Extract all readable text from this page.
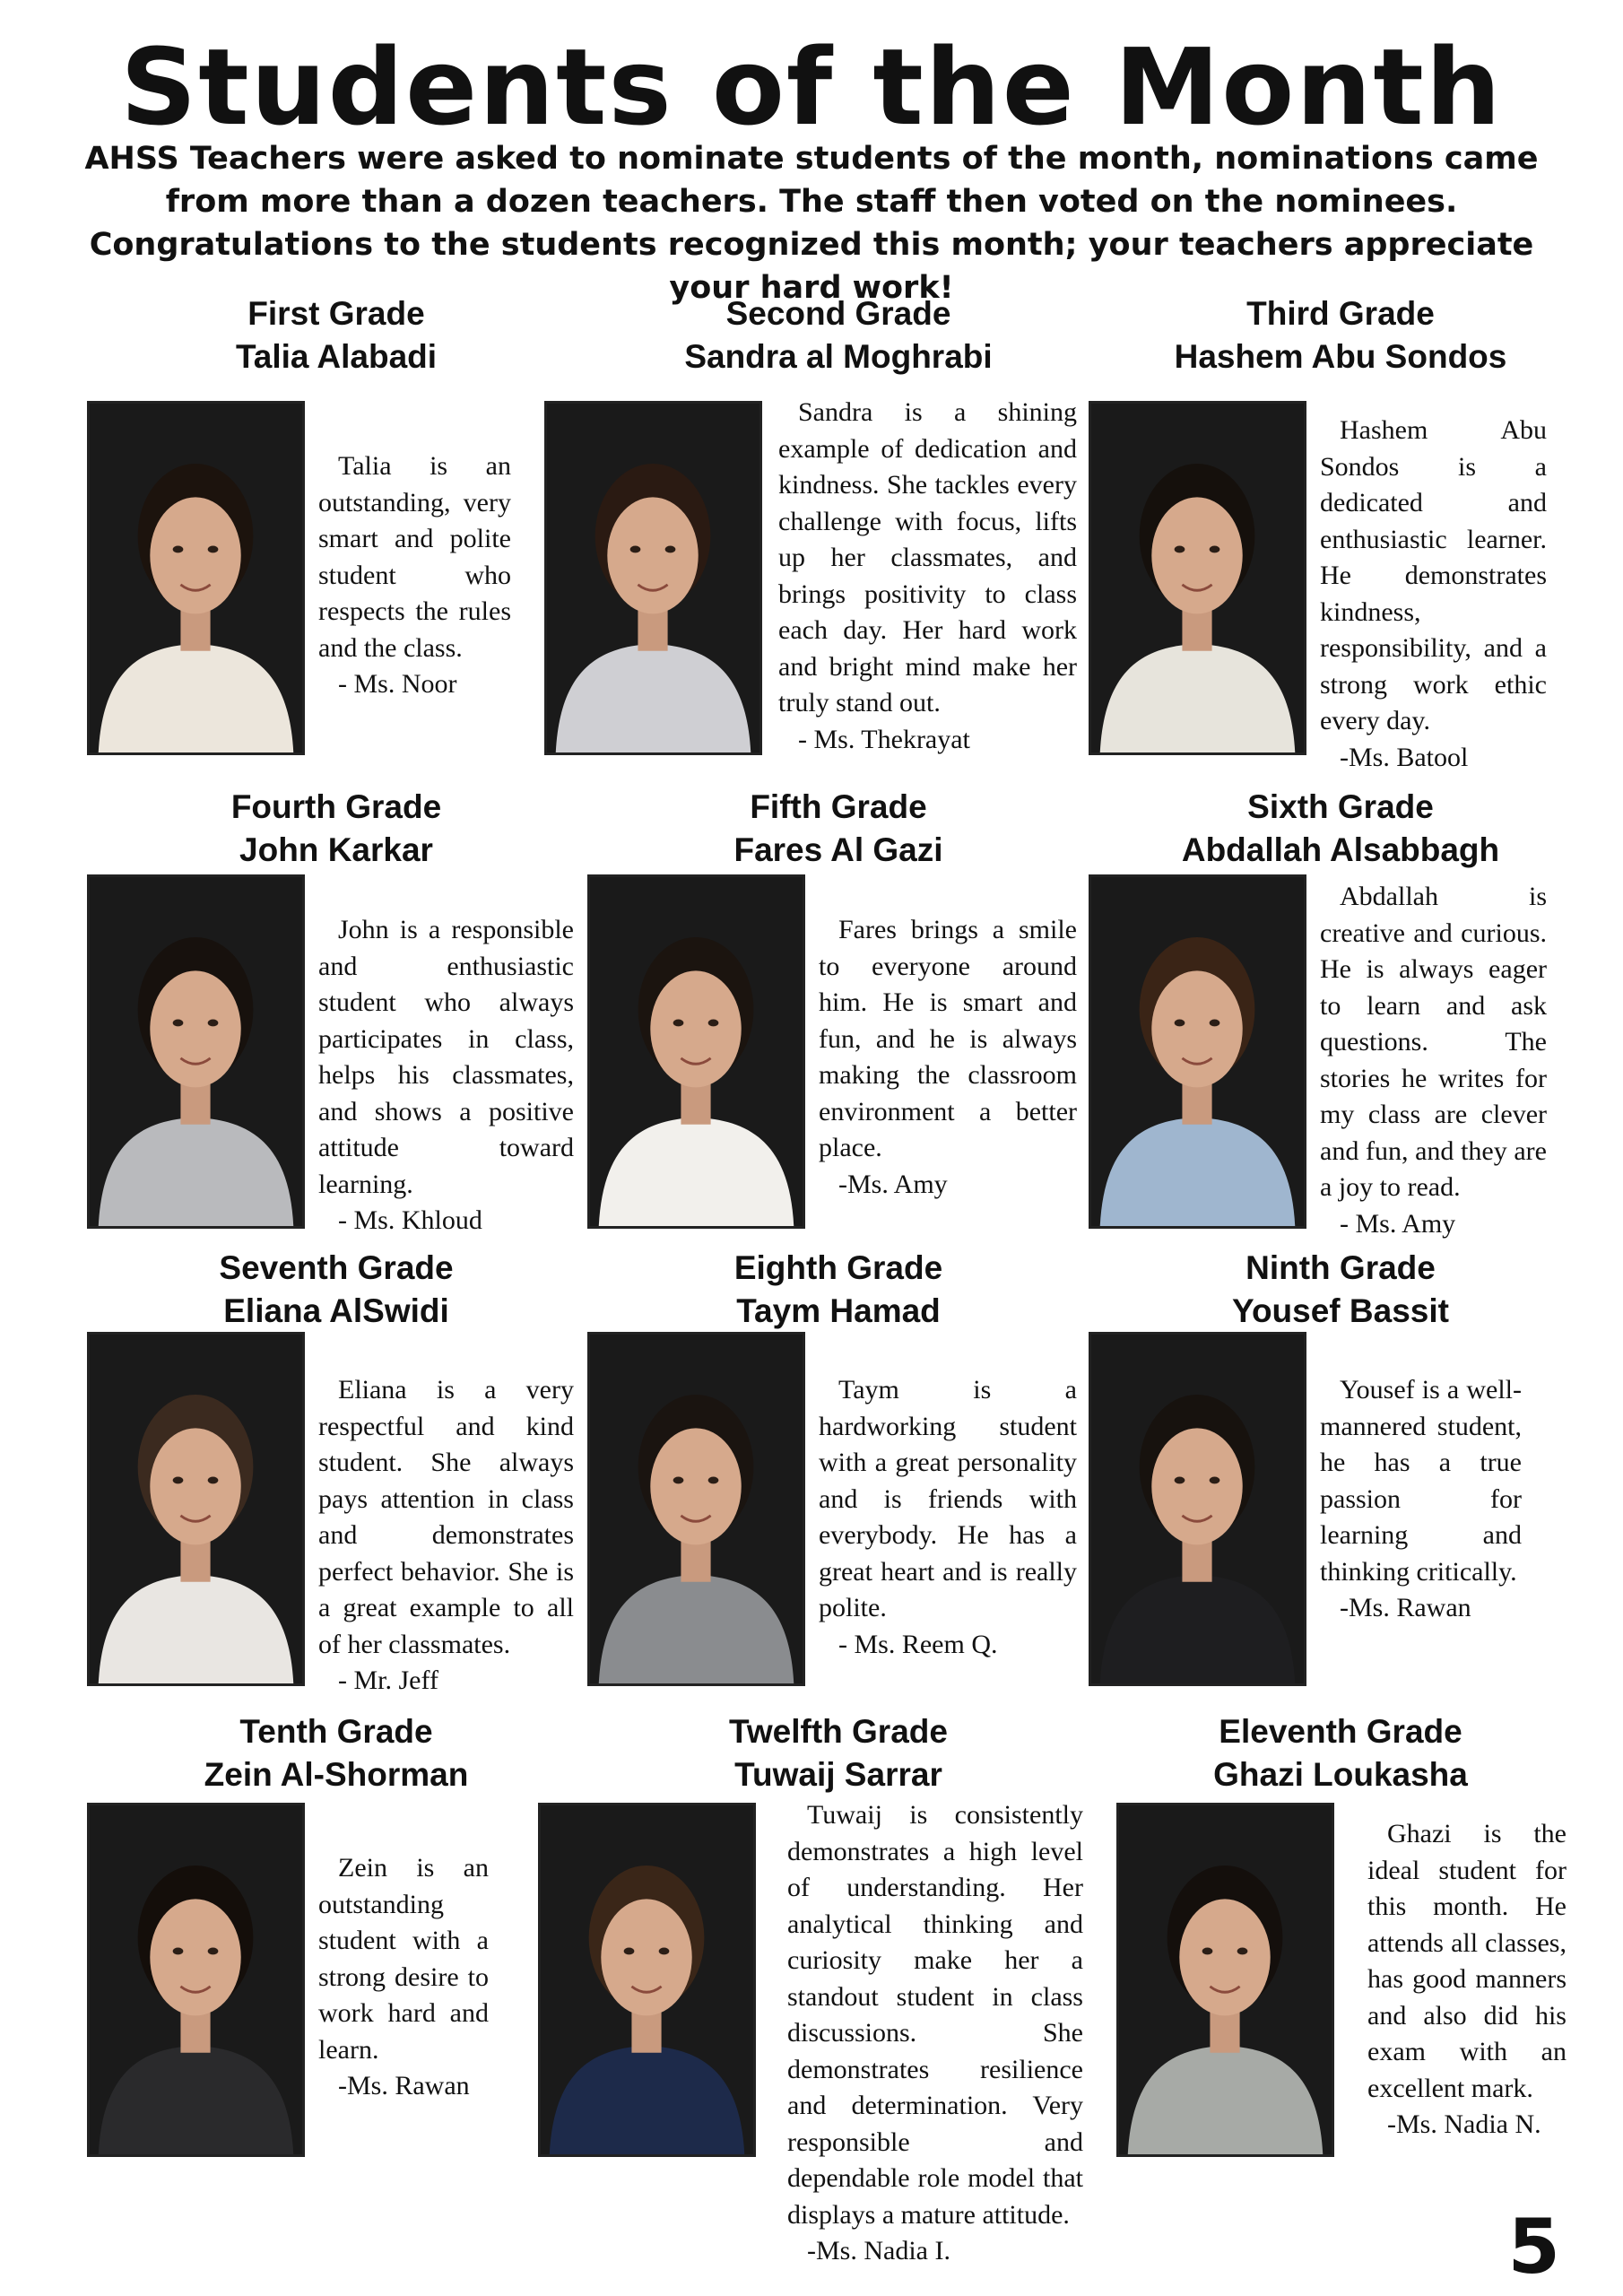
Students of the Month

AHSS Teachers were asked to nominate students of the month, nominations came from more than a dozen teachers. The staff then voted on the nominees. Congratulations to the students recognized this month; your teachers appreciate your hard work!

First Grade
Talia Alabadi
Talia is an outstanding, very smart and polite student who respects the rules and the class.
- Ms. Noor
Second Grade
Sandra al Moghrabi
Sandra is a shining example of dedication and kindness. She tackles every challenge with focus, lifts up her classmates, and brings positivity to class each day. Her hard work and bright mind make her truly stand out.
- Ms. Thekrayat
Third Grade
Hashem Abu Sondos
Hashem Abu Sondos is a dedicated and enthusiastic learner. He demonstrates kindness, responsibility, and a strong work ethic every day.
-Ms. Batool
Fourth Grade
John Karkar
John is a responsible and enthusiastic student who always participates in class, helps his classmates, and shows a positive attitude toward learning.
- Ms. Khloud
Fifth Grade
Fares Al Gazi
Fares brings a smile to everyone around him. He is smart and fun, and he is always making the classroom environment a better place.
-Ms. Amy
Sixth Grade
Abdallah Alsabbagh
Abdallah is creative and curious. He is always eager to learn and ask questions. The stories he writes for my class are clever and fun, and they are a joy to read.
- Ms. Amy
Seventh Grade
Eliana AlSwidi
Eliana is a very respectful and kind student. She always pays attention in class and demonstrates perfect behavior. She is a great example to all of her classmates.
- Mr. Jeff
Eighth Grade
Taym Hamad
Taym is a hardworking student with a great personality and is friends with everybody. He has a great heart and is really polite.
- Ms. Reem Q.
Ninth Grade
Yousef Bassit
Yousef is a well-mannered student, he has a true passion for learning and thinking critically.
-Ms. Rawan
Tenth Grade
Zein Al-Shorman
Zein is an outstanding student with a strong desire to work hard and learn.
-Ms. Rawan
Twelfth Grade
Tuwaij Sarrar
Tuwaij is consistently demonstrates a high level of understanding. Her analytical thinking and curiosity make her a standout student in class discussions. She demonstrates resilience and determination. Very responsible and dependable role model that displays a mature attitude.
-Ms. Nadia I.
Eleventh Grade
Ghazi Loukasha
Ghazi is the ideal student for this month. He attends all classes, has good manners and also did his exam with an excellent mark.
-Ms. Nadia N.
5
